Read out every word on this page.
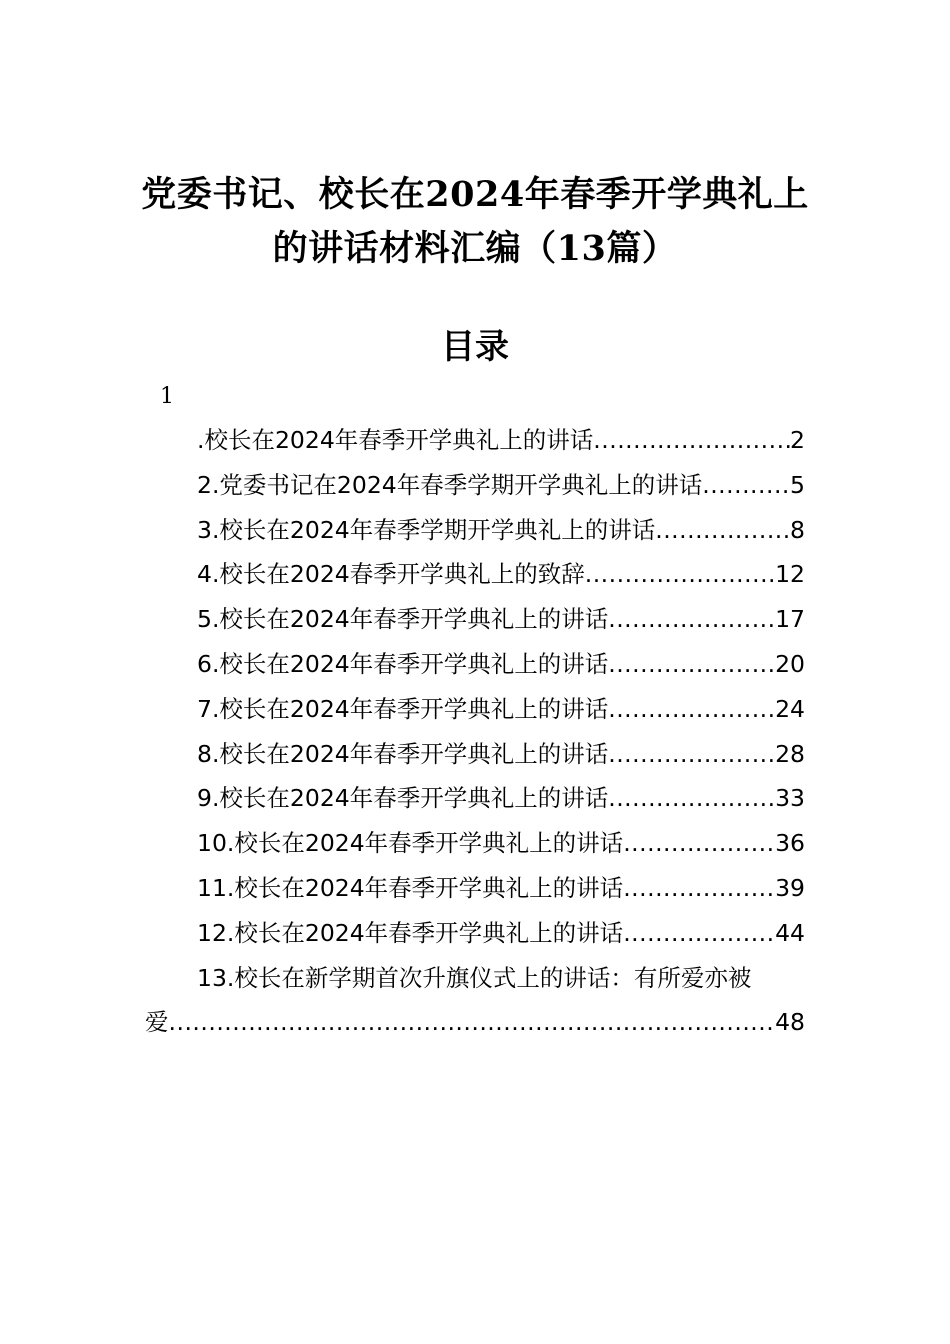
党委书记、校长在2024年春季开学典礼上
的讲话材料汇编（13篇）
目录
1
.校长在2024年春季开学典礼上的讲话 .....	2
2.党委书记在2024年春季学期开学典礼上的讲话 .....	5
3.校长在2024年春季学期开学典礼上的讲话 .....	8
4.校长在2024春季开学典礼上的致辞 .....	12
5.校长在2024年春季开学典礼上的讲话 .....	17
6.校长在2024年春季开学典礼上的讲话 .....	20
7.校长在2024年春季开学典礼上的讲话 .....	24
8.校长在2024年春季开学典礼上的讲话 .....	28
9.校长在2024年春季开学典礼上的讲话 .....	33
10.校长在2024年春季开学典礼上的讲话 .....	36
11.校长在2024年春季开学典礼上的讲话 .....	39
12.校长在2024年春季开学典礼上的讲话 .....	44
13.校长在新学期首次升旗仪式上的讲话：有所爱亦被
爱 .....	48
